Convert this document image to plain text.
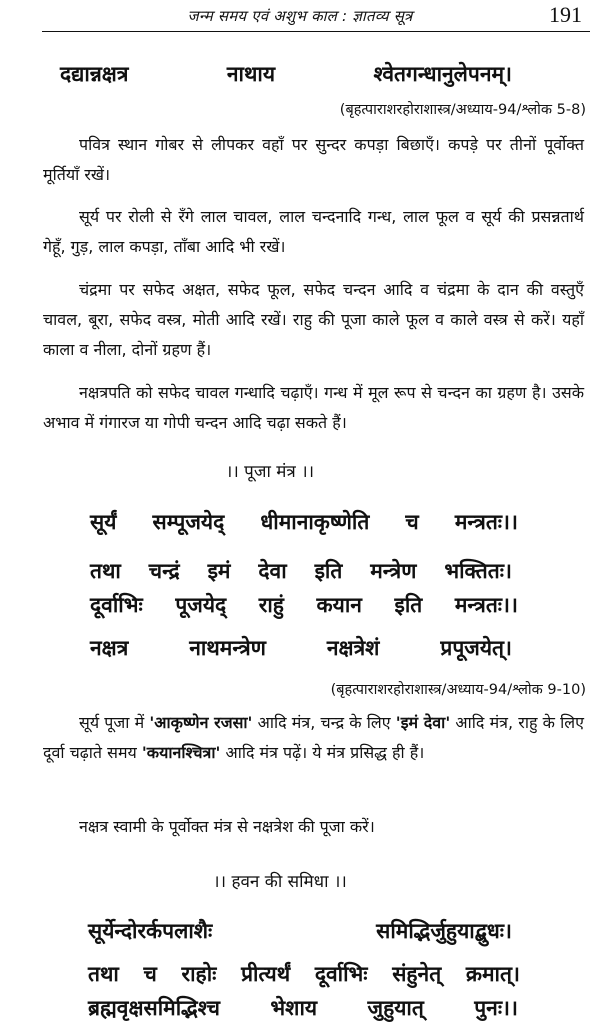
जन्म समय एवं अशुभ काल : ज्ञातव्य सूत्र	191
दद्यान्नक्षत्र	नाथाय	श्वेतगन्धानुलेपनम्।
(बृहत्पाराशरहोराशास्त्र/अध्याय-94/श्लोक 5-8)
पवित्र स्थान गोबर से लीपकर वहाँ पर सुन्दर कपड़ा बिछाएँ। कपड़े पर तीनों पूर्वोक्त मूर्तियाँ रखें।
सूर्य पर रोली से रँगे लाल चावल, लाल चन्दनादि गन्ध, लाल फूल व सूर्य की प्रसन्नतार्थ गेहूँ, गुड़, लाल कपड़ा, ताँबा आदि भी रखें।
चंद्रमा पर सफेद अक्षत, सफेद फूल, सफेद चन्दन आदि व चंद्रमा के दान की वस्तुएँ चावल, बूरा, सफेद वस्त्र, मोती आदि रखें। राहु की पूजा काले फूल व काले वस्त्र से करें। यहाँ काला व नीला, दोनों ग्रहण हैं।
नक्षत्रपति को सफेद चावल गन्धादि चढ़ाएँ। गन्ध में मूल रूप से चन्दन का ग्रहण है। उसके अभाव में गंगारज या गोपी चन्दन आदि चढ़ा सकते हैं।
।। पूजा मंत्र ।।
सूर्यं सम्पूजयेद् धीमानाकृष्णेति च मन्त्रतः।।
तथा चन्द्रं इमं देवा इति मन्त्रेण भक्तितः।
दूर्वाभिः पूजयेद् राहुं कयान इति मन्त्रतः।।
नक्षत्र	नाथमन्त्रेण	नक्षत्रेशं	प्रपूजयेत्।
(बृहत्पाराशरहोराशास्त्र/अध्याय-94/श्लोक 9-10)
सूर्य पूजा में 'आकृष्णेन रजसा' आदि मंत्र, चन्द्र के लिए 'इमं देवा' आदि मंत्र, राहु के लिए दूर्वा चढ़ाते समय 'कयानश्चित्रा' आदि मंत्र पढ़ें। ये मंत्र प्रसिद्ध ही हैं।
नक्षत्र स्वामी के पूर्वोक्त मंत्र से नक्षत्रेश की पूजा करें।
।। हवन की समिधा ।।
सूर्येन्दोरर्कपलाशैः	समिद्भिर्जुहुयाद्बुधः।
तथा च राहोः प्रीत्यर्थं दूर्वाभिः संहुनेत् क्रमात्।
ब्रह्मवृक्षसमिद्भिश्च भेशाय जुहुयात् पुनः।।
